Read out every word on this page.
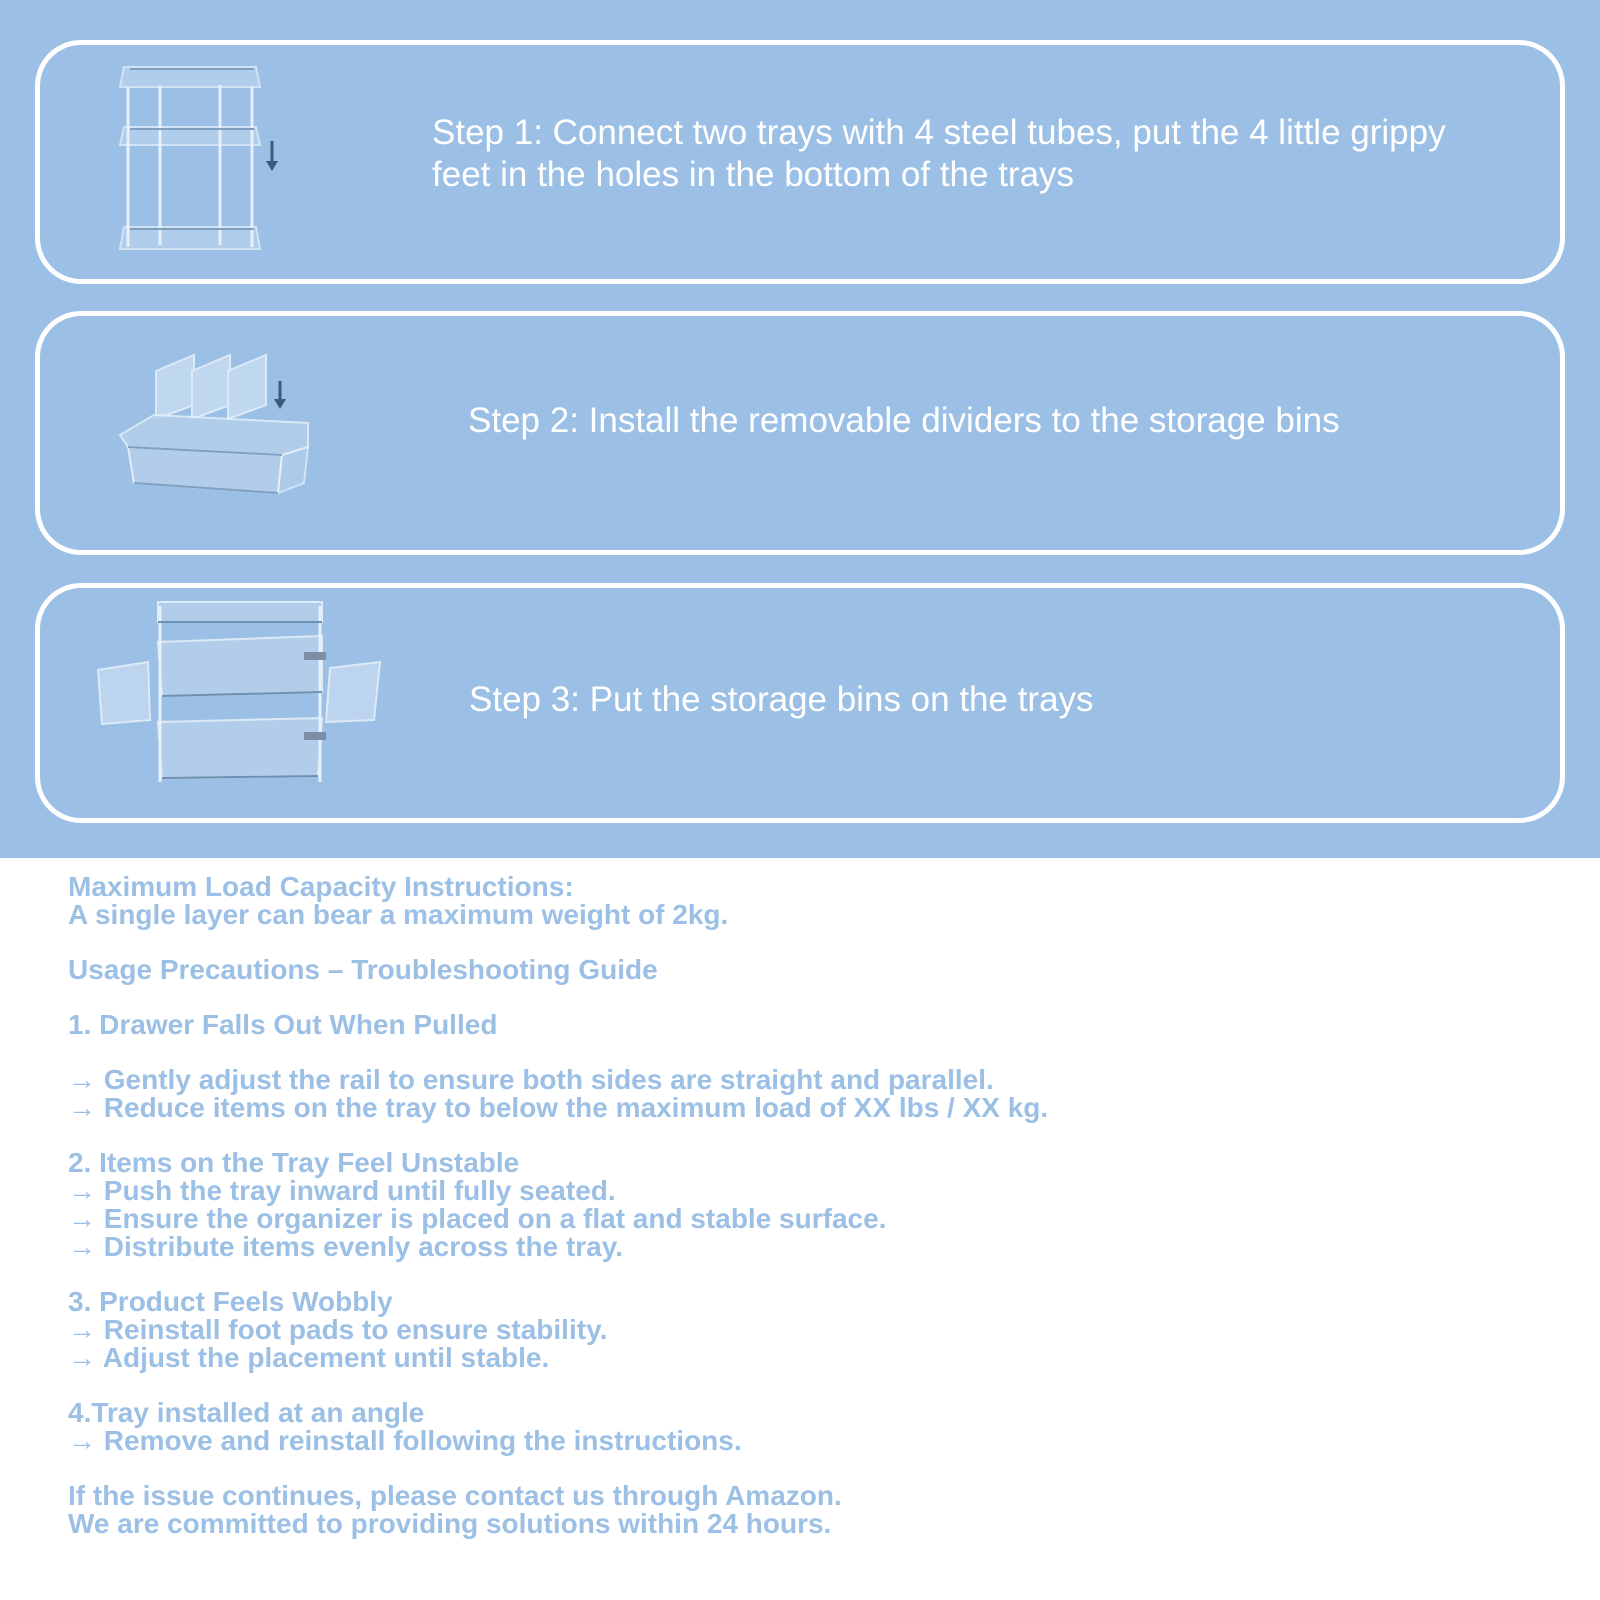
Step 1: Connect two trays with 4 steel tubes, put the 4 little grippy feet in the holes in the bottom of the trays
Step 2: Install the removable dividers to the storage bins
Step 3: Put the storage bins on the trays
Maximum Load Capacity Instructions:
A single layer can bear a maximum weight of 2kg.
Usage Precautions – Troubleshooting Guide
1. Drawer Falls Out When Pulled
→ Gently adjust the rail to ensure both sides are straight and parallel.
→ Reduce items on the tray to below the maximum load of XX lbs / XX kg.
2. Items on the Tray Feel Unstable
→ Push the tray inward until fully seated.
→ Ensure the organizer is placed on a flat and stable surface.
→ Distribute items evenly across the tray.
3. Product Feels Wobbly
→ Reinstall foot pads to ensure stability.
→ Adjust the placement until stable.
4.Tray installed at an angle
→ Remove and reinstall following the instructions.
If the issue continues, please contact us through Amazon.
We are committed to providing solutions within 24 hours.
